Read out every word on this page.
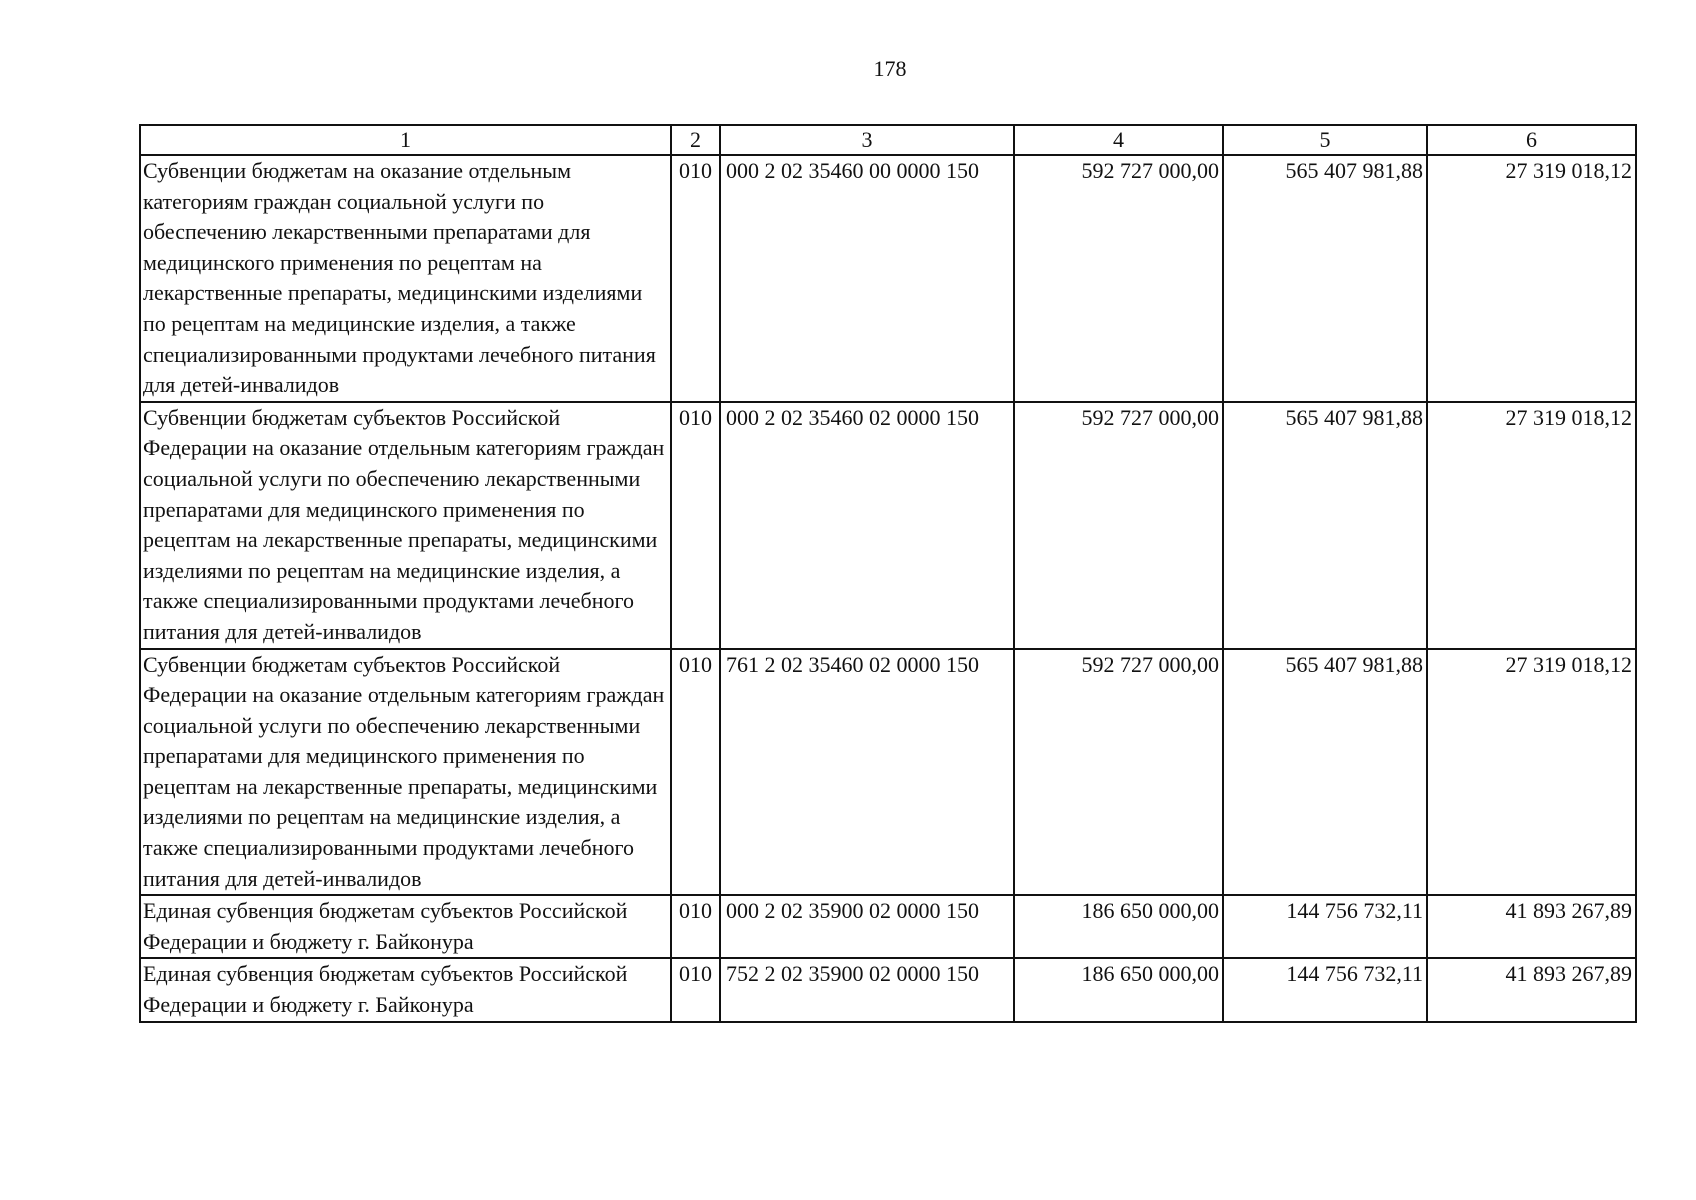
178
1	2	3	4	5	6
Субвенции бюджетам на оказание отдельным категориям граждан социальной услуги по обеспечению лекарственными препаратами для медицинского применения по рецептам на лекарственные препараты, медицинскими изделиями по рецептам на медицинские изделия, а также специализированными продуктами лечебного питания для детей-инвалидов	010	000 2 02 35460 00 0000 150	592 727 000,00	565 407 981,88	27 319 018,12
Субвенции бюджетам субъектов Российской Федерации на оказание отдельным категориям граждан социальной услуги по обеспечению лекарственными препаратами для медицинского применения по рецептам на лекарственные препараты, медицинскими изделиями по рецептам на медицинские изделия, а также специализированными продуктами лечебного питания для детей-инвалидов	010	000 2 02 35460 02 0000 150	592 727 000,00	565 407 981,88	27 319 018,12
Субвенции бюджетам субъектов Российской Федерации на оказание отдельным категориям граждан социальной услуги по обеспечению лекарственными препаратами для медицинского применения по рецептам на лекарственные препараты, медицинскими изделиями по рецептам на медицинские изделия, а также специализированными продуктами лечебного питания для детей-инвалидов	010	761 2 02 35460 02 0000 150	592 727 000,00	565 407 981,88	27 319 018,12
Единая субвенция бюджетам субъектов Российской Федерации и бюджету г. Байконура	010	000 2 02 35900 02 0000 150	186 650 000,00	144 756 732,11	41 893 267,89
Единая субвенция бюджетам субъектов Российской Федерации и бюджету г. Байконура	010	752 2 02 35900 02 0000 150	186 650 000,00	144 756 732,11	41 893 267,89
